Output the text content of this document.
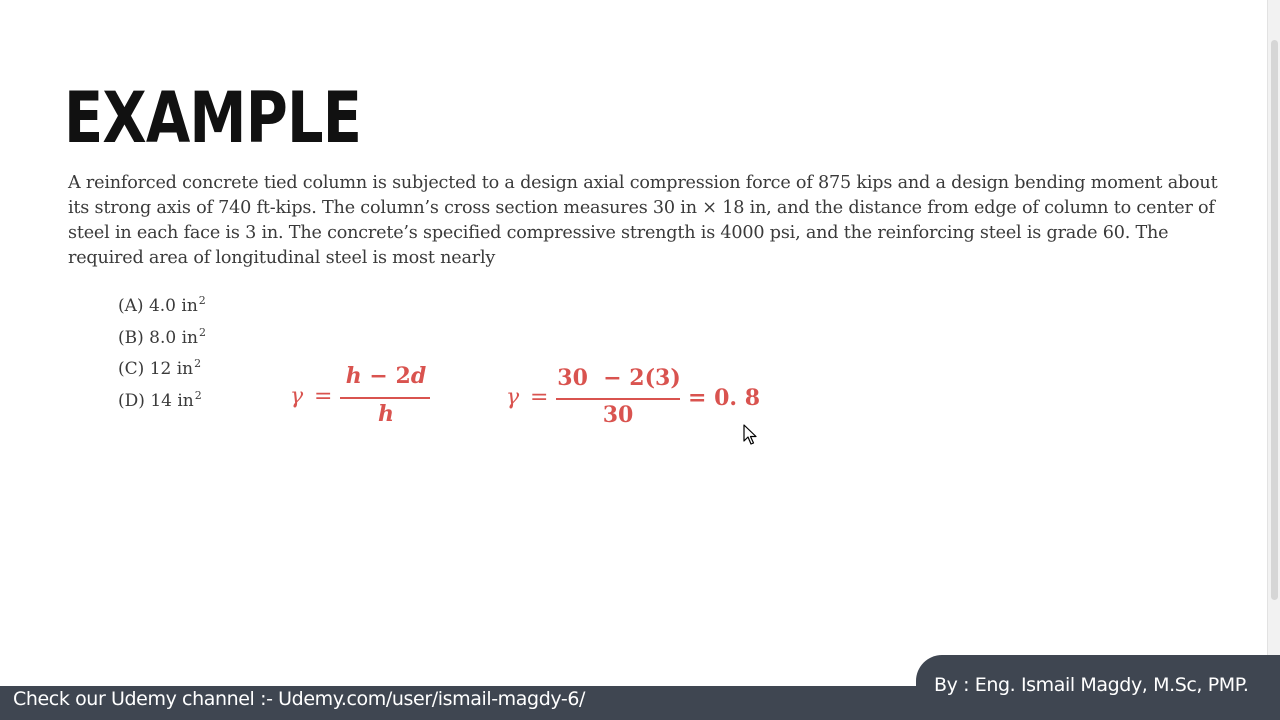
EXAMPLE

A reinforced concrete tied column is subjected to a design axial compression force of 875 kips and a design bending moment about its strong axis of 740 ft-kips. The column’s cross section measures 30 in × 18 in, and the distance from edge of column to center of steel in each face is 3 in. The concrete’s specified compressive strength is 4000 psi, and the reinforcing steel is grade 60. The required area of longitudinal steel is most nearly

(A) 4.0 $in^2$
(B) 8.0 $in^2$
(C) 12 $in^2$
(D) 14 $in^2$	γ =
h − 2d
h
γ =
30  − 2(3)
30
= 0. 8
Check our Udemy channel :- Udemy.com/user/ismail-magdy-6/
By : Eng. Ismail Magdy, M.Sc, PMP.
